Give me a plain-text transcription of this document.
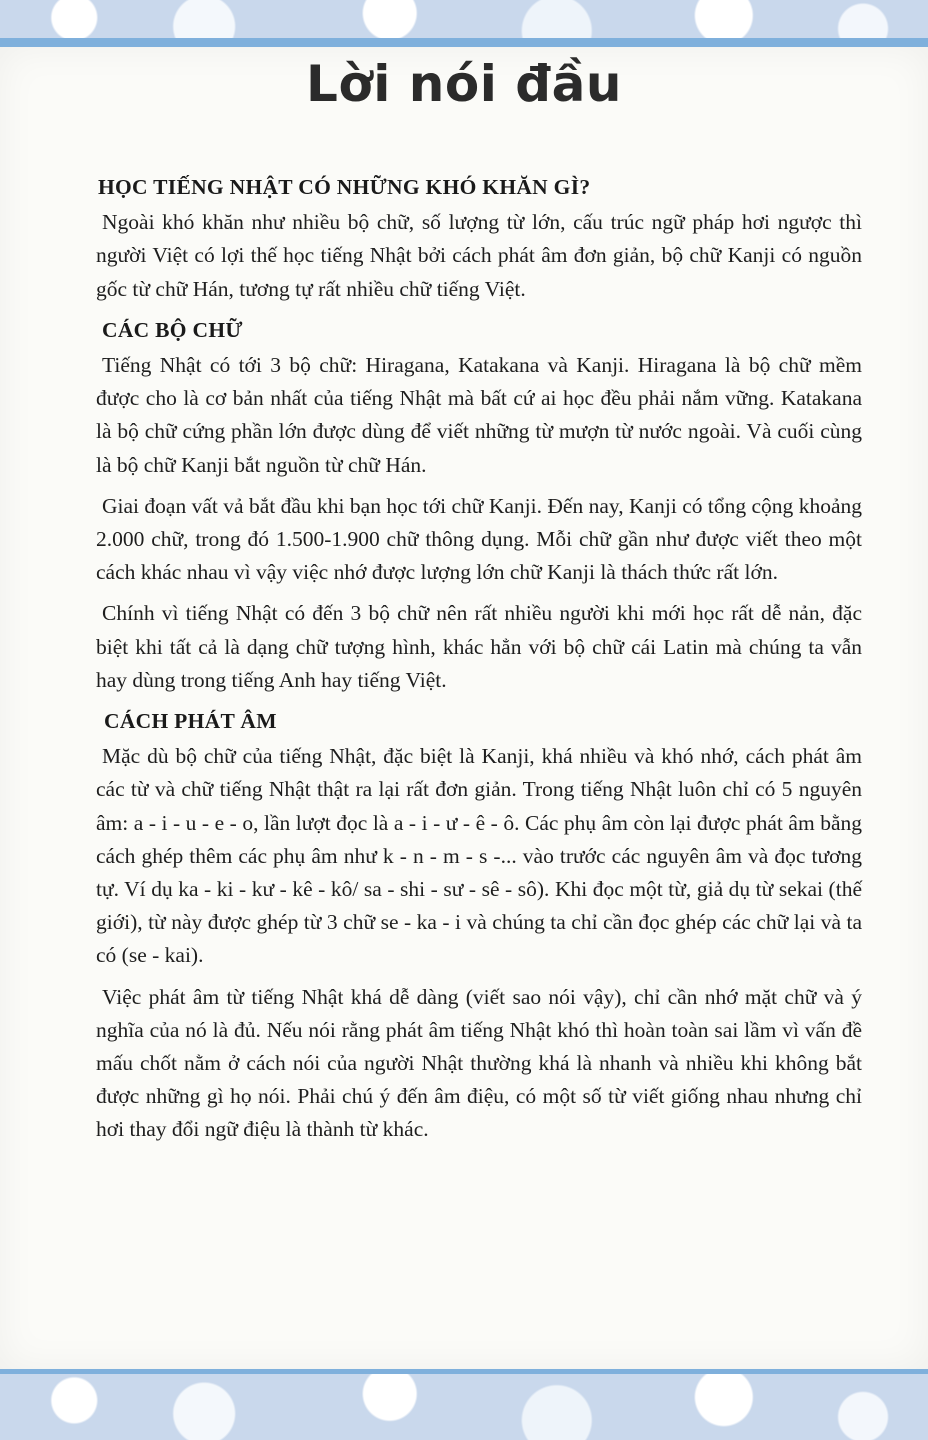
Lời nói đầu
HỌC TIẾNG NHẬT CÓ NHỮNG KHÓ KHĂN GÌ?

Ngoài khó khăn như nhiều bộ chữ, số lượng từ lớn, cấu trúc ngữ pháp hơi ngược thì người Việt có lợi thế học tiếng Nhật bởi cách phát âm đơn giản, bộ chữ Kanji có nguồn gốc từ chữ Hán, tương tự rất nhiều chữ tiếng Việt.

CÁC BỘ CHỮ

Tiếng Nhật có tới 3 bộ chữ: Hiragana, Katakana và Kanji. Hiragana là bộ chữ mềm được cho là cơ bản nhất của tiếng Nhật mà bất cứ ai học đều phải nắm vững. Katakana là bộ chữ cứng phần lớn được dùng để viết những từ mượn từ nước ngoài. Và cuối cùng là bộ chữ Kanji bắt nguồn từ chữ Hán.

Giai đoạn vất vả bắt đầu khi bạn học tới chữ Kanji. Đến nay, Kanji có tổng cộng khoảng 2.000 chữ, trong đó 1.500-1.900 chữ thông dụng. Mỗi chữ gần như được viết theo một cách khác nhau vì vậy việc nhớ được lượng lớn chữ Kanji là thách thức rất lớn.

Chính vì tiếng Nhật có đến 3 bộ chữ nên rất nhiều người khi mới học rất dễ nản, đặc biệt khi tất cả là dạng chữ tượng hình, khác hẳn với bộ chữ cái Latin mà chúng ta vẫn hay dùng trong tiếng Anh hay tiếng Việt.

CÁCH PHÁT ÂM

Mặc dù bộ chữ của tiếng Nhật, đặc biệt là Kanji, khá nhiều và khó nhớ, cách phát âm các từ và chữ tiếng Nhật thật ra lại rất đơn giản. Trong tiếng Nhật luôn chỉ có 5 nguyên âm: a - i - u - e - o, lần lượt đọc là a - i - ư - ê - ô. Các phụ âm còn lại được phát âm bằng cách ghép thêm các phụ âm như k - n - m - s -... vào trước các nguyên âm và đọc tương tự. Ví dụ ka - ki - kư - kê - kô/ sa - shi - sư - sê - sô). Khi đọc một từ, giả dụ từ sekai (thế giới), từ này được ghép từ 3 chữ se - ka - i và chúng ta chỉ cần đọc ghép các chữ lại và ta có (se - kai).

Việc phát âm từ tiếng Nhật khá dễ dàng (viết sao nói vậy), chỉ cần nhớ mặt chữ và ý nghĩa của nó là đủ. Nếu nói rằng phát âm tiếng Nhật khó thì hoàn toàn sai lầm vì vấn đề mấu chốt nằm ở cách nói của người Nhật thường khá là nhanh và nhiều khi không bắt được những gì họ nói. Phải chú ý đến âm điệu, có một số từ viết giống nhau nhưng chỉ hơi thay đổi ngữ điệu là thành từ khác.
